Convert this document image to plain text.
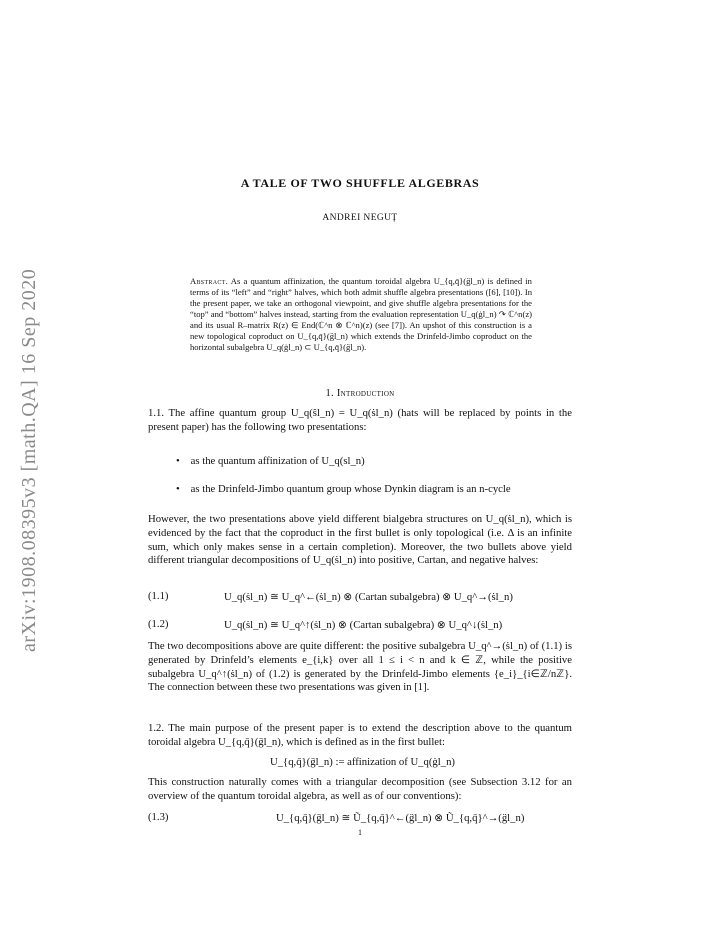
arXiv:1908.08395v3 [math.QA] 16 Sep 2020
A TALE OF TWO SHUFFLE ALGEBRAS
ANDREI NEGUȚ
Abstract. As a quantum affinization, the quantum toroidal algebra U_{q,q̄}(g̈l_n) is defined in terms of its “left” and “right” halves, which both admit shuffle algebra presentations ([6], [10]). In the present paper, we take an orthogonal viewpoint, and give shuffle algebra presentations for the “top” and “bottom” halves instead, starting from the evaluation representation U_q(ġl_n) ↷ ℂ^n(z) and its usual R–matrix R(z) ∈ End(ℂ^n ⊗ ℂ^n)(z) (see [7]). An upshot of this construction is a new topological coproduct on U_{q,q̄}(g̈l_n) which extends the Drinfeld-Jimbo coproduct on the horizontal subalgebra U_q(ġl_n) ⊂ U_{q,q̄}(g̈l_n).
1. Introduction
1.1. The affine quantum group U_q(ŝl_n) = U_q(ṡl_n) (hats will be replaced by points in the present paper) has the following two presentations:
• as the quantum affinization of U_q(sl_n)
• as the Drinfeld-Jimbo quantum group whose Dynkin diagram is an n-cycle
However, the two presentations above yield different bialgebra structures on U_q(ṡl_n), which is evidenced by the fact that the coproduct in the first bullet is only topological (i.e. Δ is an infinite sum, which only makes sense in a certain completion). Moreover, the two bullets above yield different triangular decompositions of U_q(ṡl_n) into positive, Cartan, and negative halves:
(1.1)	U_q(ṡl_n) ≅ U_q^←(ṡl_n) ⊗ (Cartan subalgebra) ⊗ U_q^→(ṡl_n)
(1.2)	U_q(ṡl_n) ≅ U_q^↑(ṡl_n) ⊗ (Cartan subalgebra) ⊗ U_q^↓(ṡl_n)
The two decompositions above are quite different: the positive subalgebra U_q^→(ṡl_n) of (1.1) is generated by Drinfeld’s elements e_{i,k} over all 1 ≤ i < n and k ∈ ℤ, while the positive subalgebra U_q^↑(ṡl_n) of (1.2) is generated by the Drinfeld-Jimbo elements {e_i}_{i∈ℤ/nℤ}. The connection between these two presentations was given in [1].
1.2. The main purpose of the present paper is to extend the description above to the quantum toroidal algebra U_{q,q̄}(g̈l_n), which is defined as in the first bullet:
U_{q,q̄}(g̈l_n) := affinization of U_q(ġl_n)
This construction naturally comes with a triangular decomposition (see Subsection 3.12 for an overview of the quantum toroidal algebra, as well as of our conventions):
(1.3)	U_{q,q̄}(g̈l_n) ≅ Ũ_{q,q̄}^←(g̈l_n) ⊗ Ũ_{q,q̄}^→(g̈l_n)
1
